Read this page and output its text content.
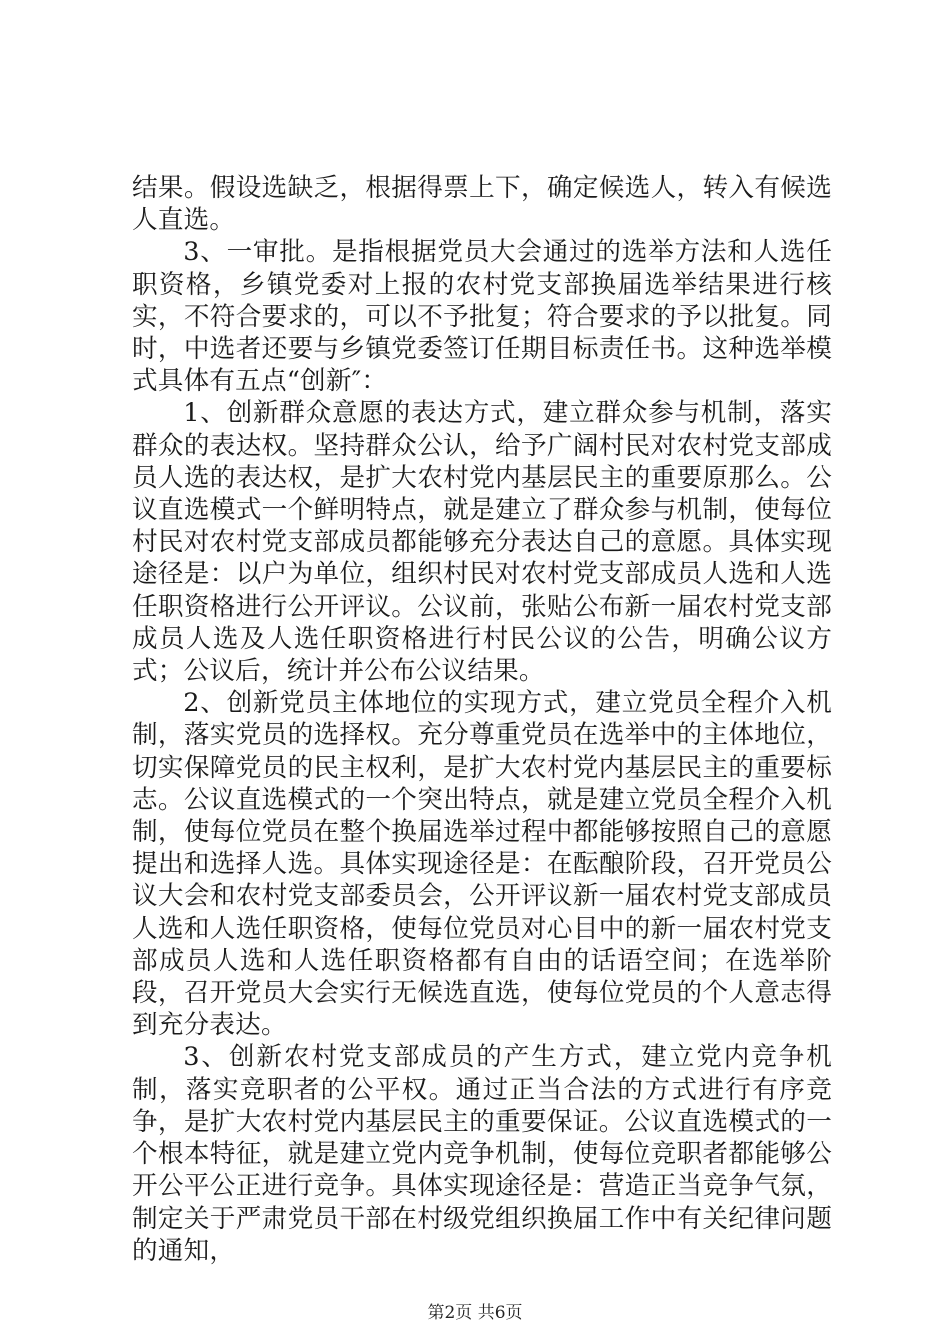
结果。假设选缺乏，根据得票上下，确定候选人，转入有候选人直选。

3、一审批。是指根据党员大会通过的选举方法和人选任职资格，乡镇党委对上报的农村党支部换届选举结果进行核实，不符合要求的，可以不予批复；符合要求的予以批复。同时，中选者还要与乡镇党委签订任期目标责任书。这种选举模式具体有五点“创新″：

1、创新群众意愿的表达方式，建立群众参与机制，落实群众的表达权。坚持群众公认，给予广阔村民对农村党支部成员人选的表达权，是扩大农村党内基层民主的重要原那么。公议直选模式一个鲜明特点，就是建立了群众参与机制，使每位村民对农村党支部成员都能够充分表达自己的意愿。具体实现途径是：以户为单位，组织村民对农村党支部成员人选和人选任职资格进行公开评议。公议前，张贴公布新一届农村党支部成员人选及人选任职资格进行村民公议的公告，明确公议方式；公议后，统计并公布公议结果。

2、创新党员主体地位的实现方式，建立党员全程介入机制，落实党员的选择权。充分尊重党员在选举中的主体地位，切实保障党员的民主权利，是扩大农村党内基层民主的重要标志。公议直选模式的一个突出特点，就是建立党员全程介入机制，使每位党员在整个换届选举过程中都能够按照自己的意愿提出和选择人选。具体实现途径是：在酝酿阶段，召开党员公议大会和农村党支部委员会，公开评议新一届农村党支部成员人选和人选任职资格，使每位党员对心目中的新一届农村党支部成员人选和人选任职资格都有自由的话语空间；在选举阶段，召开党员大会实行无候选直选，使每位党员的个人意志得到充分表达。

3、创新农村党支部成员的产生方式，建立党内竞争机制，落实竞职者的公平权。通过正当合法的方式进行有序竞争，是扩大农村党内基层民主的重要保证。公议直选模式的一个根本特征，就是建立党内竞争机制，使每位竞职者都能够公开公平公正进行竞争。具体实现途径是：营造正当竞争气氛，制定关于严肃党员干部在村级党组织换届工作中有关纪律问题的通知，

第2页 共6页
